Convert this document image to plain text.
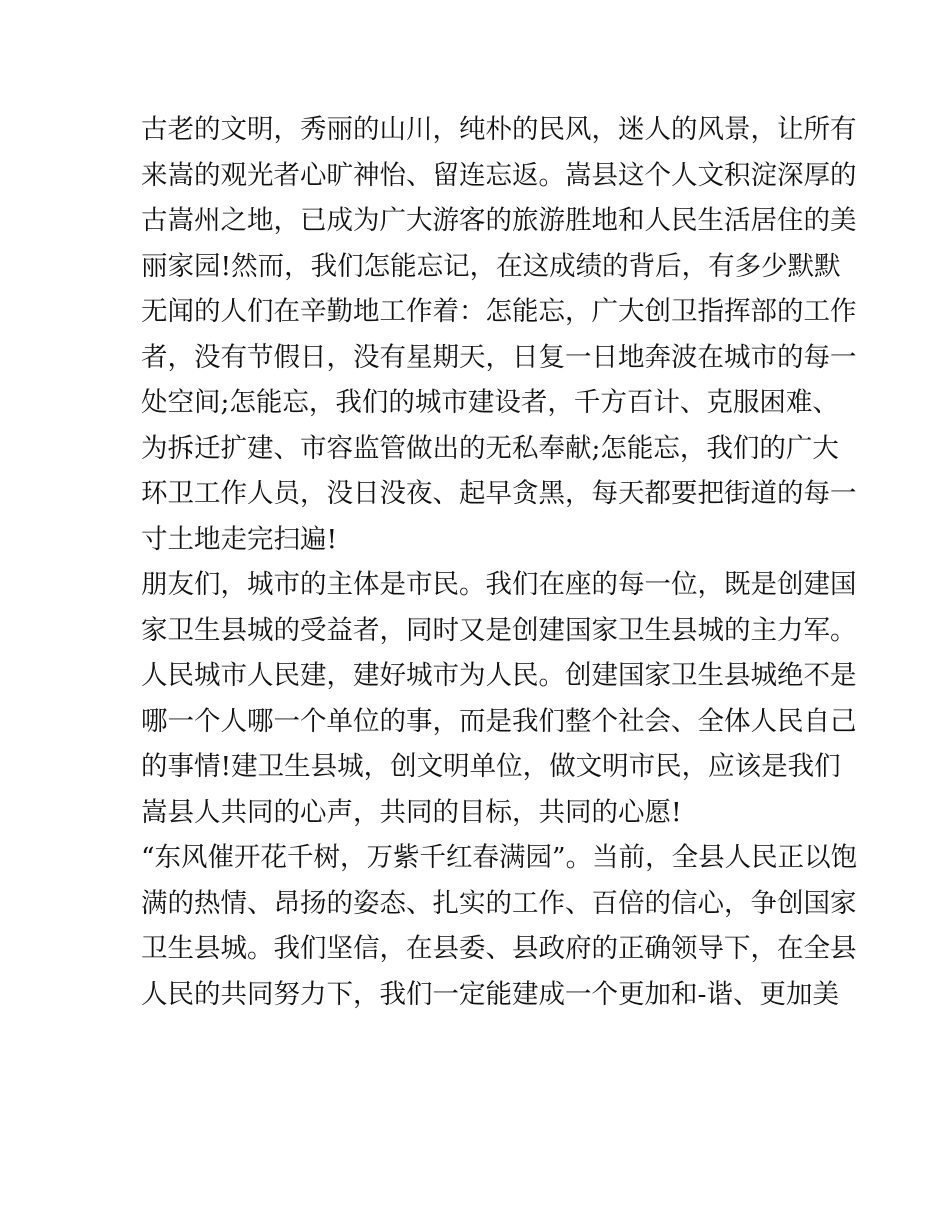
古老的文明，秀丽的山川，纯朴的民风，迷人的风景，让所有
来嵩的观光者心旷神怡、留连忘返。嵩县这个人文积淀深厚的
古嵩州之地，已成为广大游客的旅游胜地和人民生活居住的美
丽家园!然而，我们怎能忘记，在这成绩的背后，有多少默默
无闻的人们在辛勤地工作着：怎能忘，广大创卫指挥部的工作
者，没有节假日，没有星期天，日复一日地奔波在城市的每一
处空间;怎能忘，我们的城市建设者，千方百计、克服困难、
为拆迁扩建、市容监管做出的无私奉献;怎能忘，我们的广大
环卫工作人员，没日没夜、起早贪黑，每天都要把街道的每一
寸土地走完扫遍!
朋友们，城市的主体是市民。我们在座的每一位，既是创建国
家卫生县城的受益者，同时又是创建国家卫生县城的主力军。
人民城市人民建，建好城市为人民。创建国家卫生县城绝不是
哪一个人哪一个单位的事，而是我们整个社会、全体人民自己
的事情!建卫生县城，创文明单位，做文明市民，应该是我们
嵩县人共同的心声，共同的目标，共同的心愿!
“东风催开花千树，万紫千红春满园”。当前，全县人民正以饱
满的热情、昂扬的姿态、扎实的工作、百倍的信心，争创国家
卫生县城。我们坚信，在县委、县政府的正确领导下，在全县
人民的共同努力下，我们一定能建成一个更加和-谐、更加美
